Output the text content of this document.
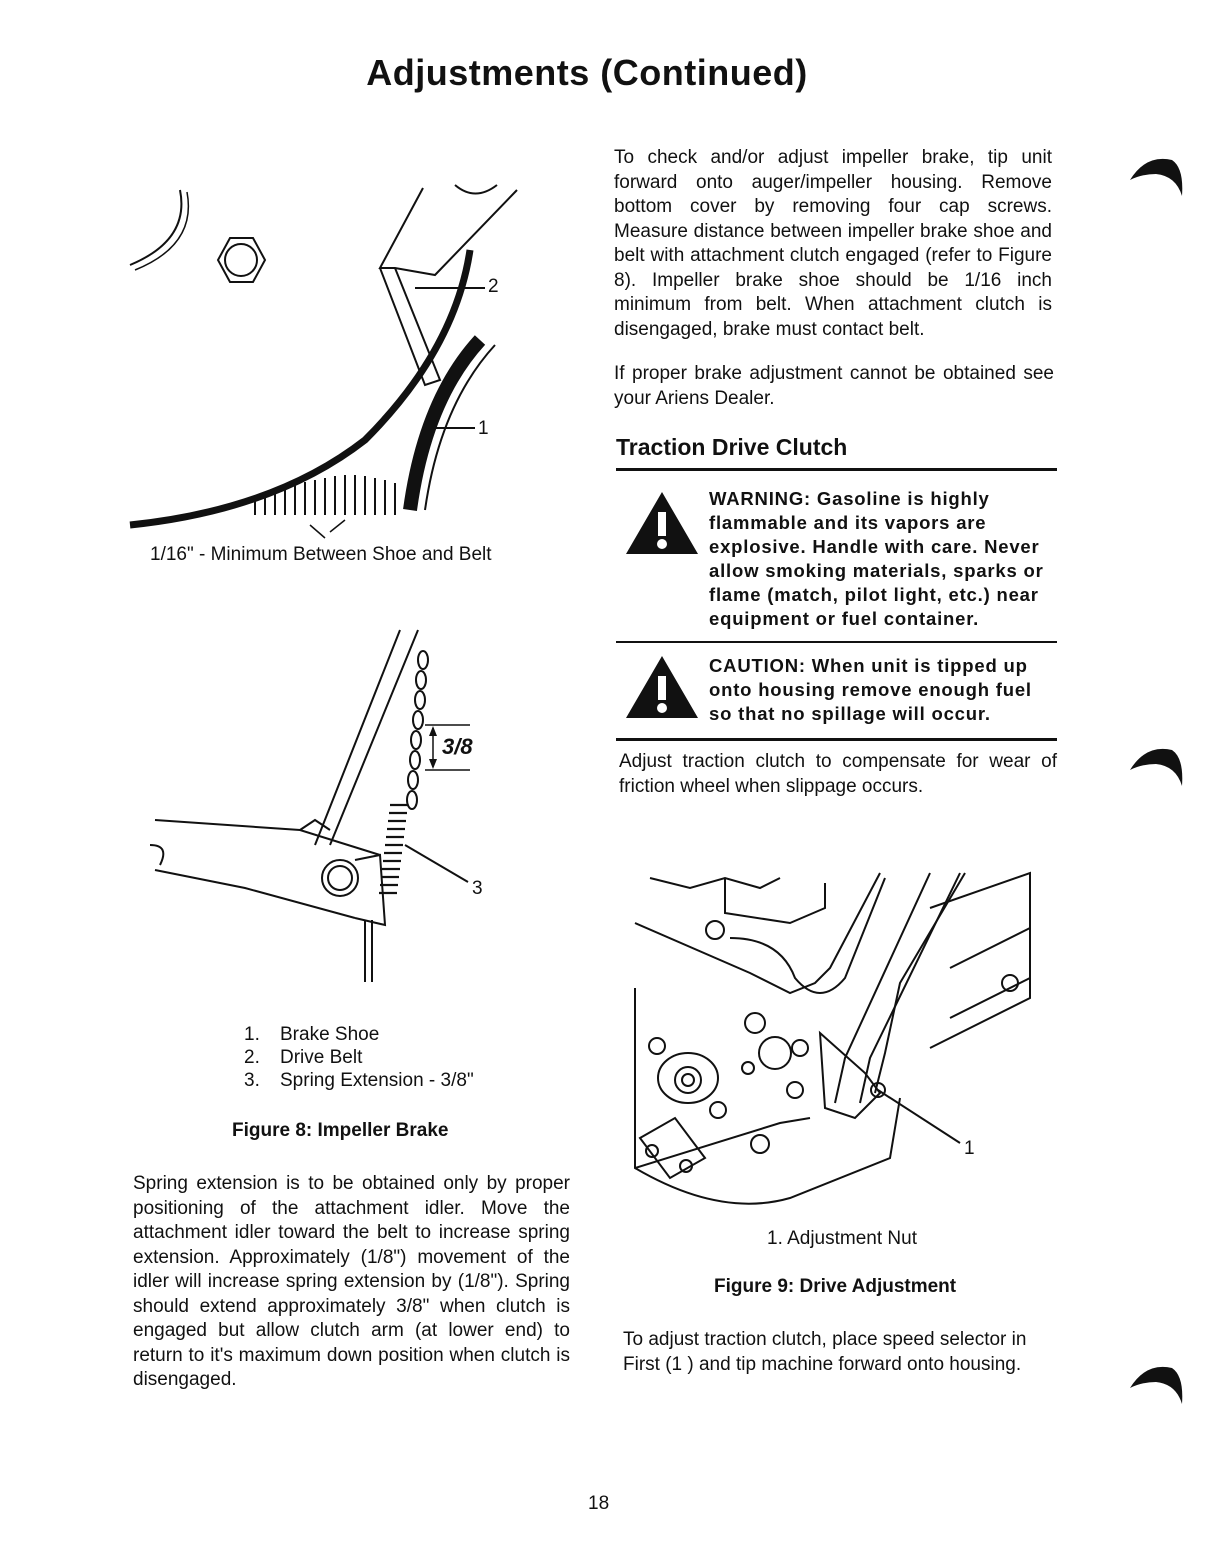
Adjustments (Continued)
2
1
1/16" - Minimum Between Shoe and Belt
3/8
3
1. Brake Shoe
2. Drive Belt
3. Spring Extension - 3/8"
Figure 8: Impeller Brake

Spring extension is to be obtained only by proper positioning of the attachment idler. Move the attachment idler toward the belt to increase spring extension. Approximately (1/8") movement of the idler will increase spring extension by (1/8"). Spring should extend approximately 3/8" when clutch is engaged but allow clutch arm (at lower end) to return to it's maximum down position when clutch is disengaged.

To check and/or adjust impeller brake, tip unit forward onto auger/impeller housing. Remove bottom cover by removing four cap screws. Measure distance between impeller brake shoe and belt with attachment clutch engaged (refer to Figure 8). Impeller brake shoe should be 1/16 inch minimum from belt. When attachment clutch is disengaged, brake must contact belt.

If proper brake adjustment cannot be obtained see your Ariens Dealer.

Traction Drive Clutch
WARNING: Gasoline is highly flammable and its vapors are explosive. Handle with care. Never allow smoking materials, sparks or flame (match, pilot light, etc.) near equipment or fuel container.
CAUTION: When unit is tipped up onto housing remove enough fuel so that no spillage will occur.

Adjust traction clutch to compensate for wear of friction wheel when slippage occurs.

1
1. Adjustment Nut
Figure 9: Drive Adjustment

To adjust traction clutch, place speed selector in First (1 ) and tip machine forward onto housing.

18
